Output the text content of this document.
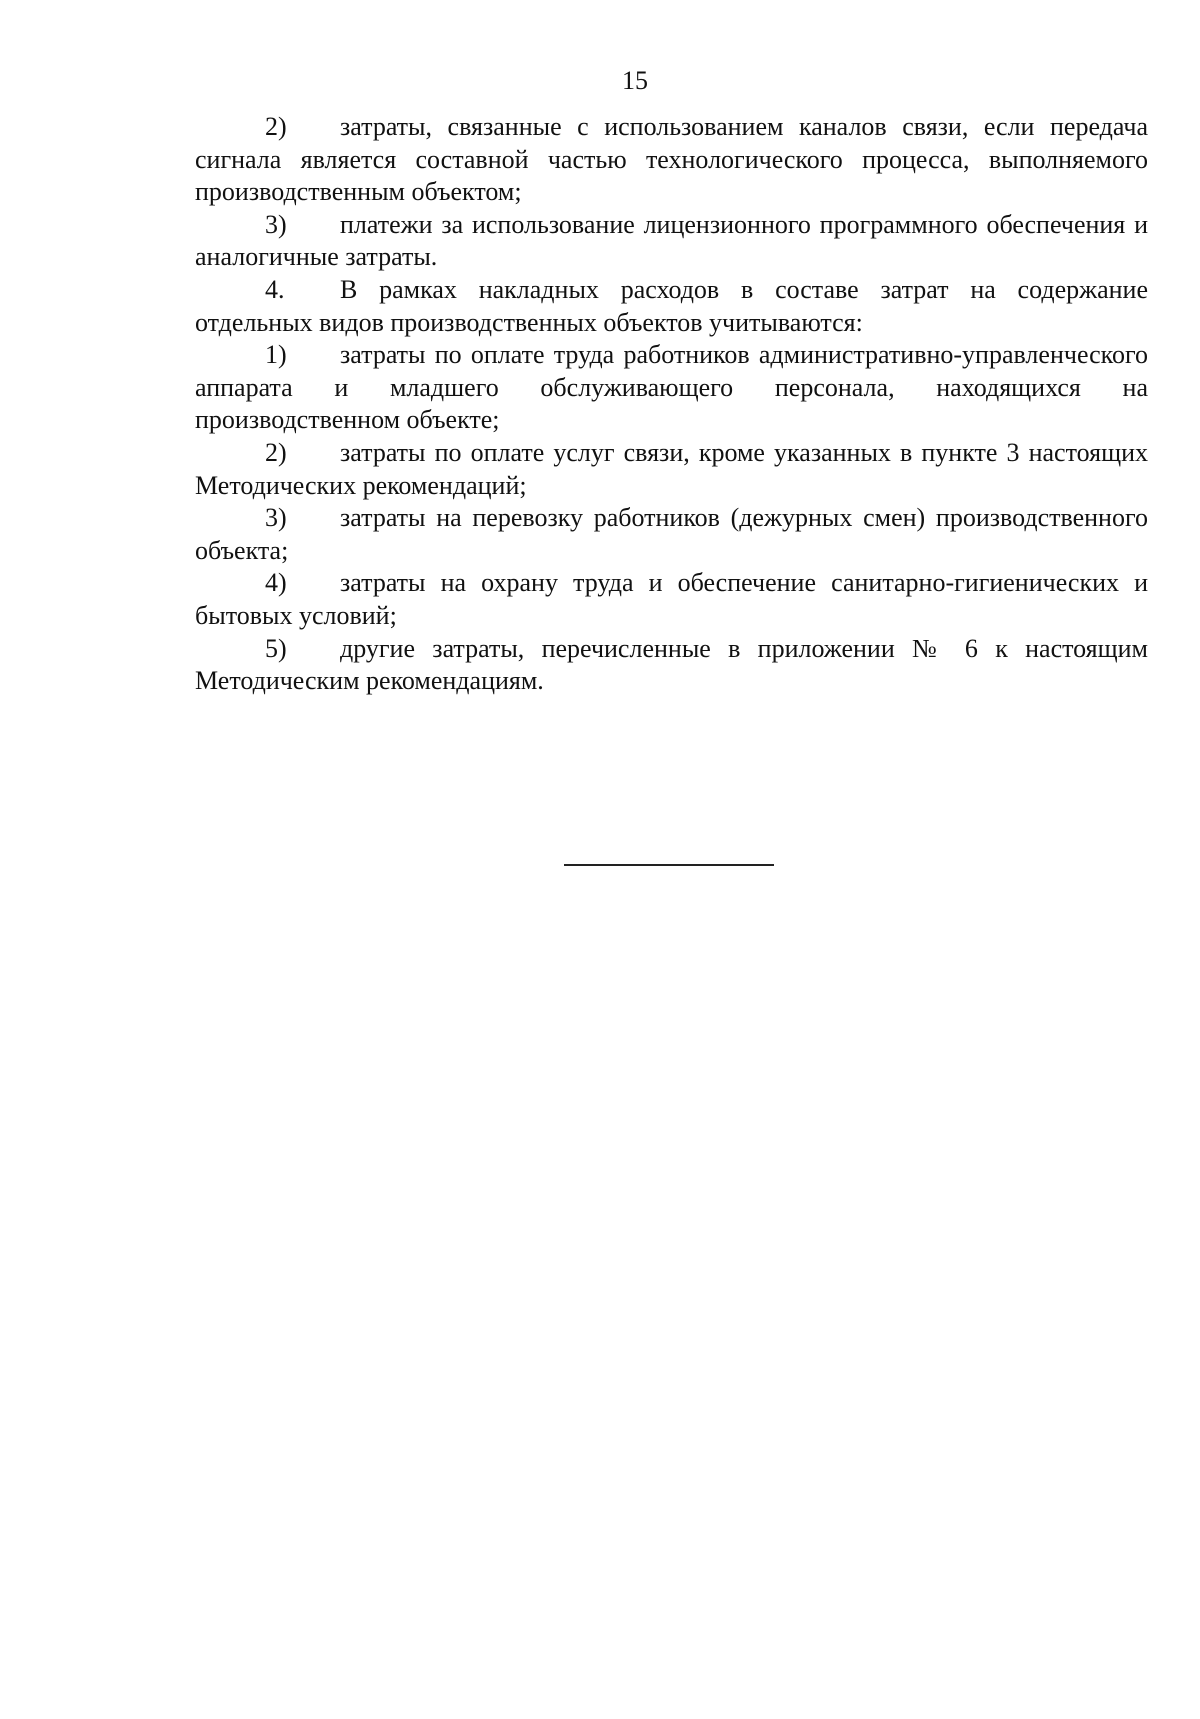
15

2) затраты, связанные с использованием каналов связи, если передача сигнала является составной частью технологического процесса, выполняемого производственным объектом;

3) платежи за использование лицензионного программного обеспечения и аналогичные затраты.

4. В рамках накладных расходов в составе затрат на содержание отдельных видов производственных объектов учитываются:

1) затраты по оплате труда работников административно-управленческого аппарата и младшего обслуживающего персонала, находящихся на производственном объекте;

2) затраты по оплате услуг связи, кроме указанных в пункте 3 настоящих Методических рекомендаций;

3) затраты на перевозку работников (дежурных смен) производственного объекта;

4) затраты на охрану труда и обеспечение санитарно-гигиенических и бытовых условий;

5) другие затраты, перечисленные в приложении № 6 к настоящим Методическим рекомендациям.
